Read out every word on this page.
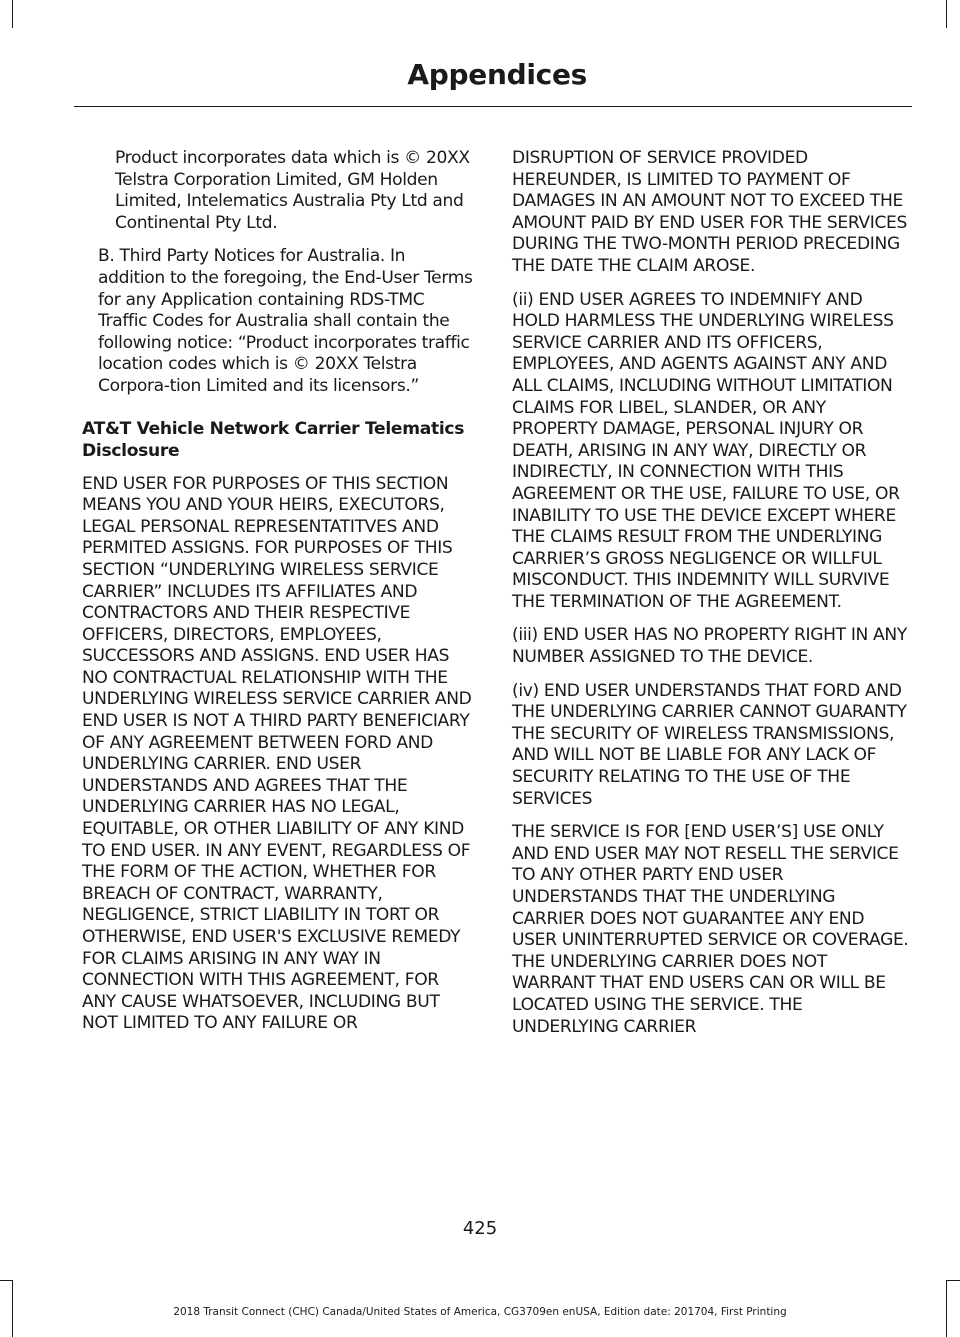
Appendices

Product incorporates data which is © 20XX Telstra Corporation Limited, GM Holden Limited, Intelematics Australia Pty Ltd and Continental Pty Ltd.

B. Third Party Notices for Australia. In addition to the foregoing, the End-User Terms for any Application containing RDS-TMC Traffic Codes for Australia shall contain the following notice: “Product incorporates traffic location codes which is © 20XX Telstra Corpora-tion Limited and its licensors.”

AT&T Vehicle Network Carrier Telematics Disclosure

END USER FOR PURPOSES OF THIS SECTION MEANS YOU AND YOUR HEIRS, EXECUTORS, LEGAL PERSONAL REPRESENTATITVES AND PERMITED ASSIGNS. FOR PURPOSES OF THIS SECTION “UNDERLYING WIRELESS SERVICE CARRIER” INCLUDES ITS AFFILIATES AND CONTRACTORS AND THEIR RESPECTIVE OFFICERS, DIRECTORS, EMPLOYEES, SUCCESSORS AND ASSIGNS. END USER HAS NO CONTRACTUAL RELATIONSHIP WITH THE UNDERLYING WIRELESS SERVICE CARRIER AND END USER IS NOT A THIRD PARTY BENEFICIARY OF ANY AGREEMENT BETWEEN FORD AND UNDERLYING CARRIER. END USER UNDERSTANDS AND AGREES THAT THE UNDERLYING CARRIER HAS NO LEGAL, EQUITABLE, OR OTHER LIABILITY OF ANY KIND TO END USER. IN ANY EVENT, REGARDLESS OF THE FORM OF THE ACTION, WHETHER FOR BREACH OF CONTRACT, WARRANTY, NEGLIGENCE, STRICT LIABILITY IN TORT OR OTHERWISE, END USER'S EXCLUSIVE REMEDY FOR CLAIMS ARISING IN ANY WAY IN CONNECTION WITH THIS AGREEMENT, FOR ANY CAUSE WHATSOEVER, INCLUDING BUT NOT LIMITED TO ANY FAILURE OR

DISRUPTION OF SERVICE PROVIDED HEREUNDER, IS LIMITED TO PAYMENT OF DAMAGES IN AN AMOUNT NOT TO EXCEED THE AMOUNT PAID BY END USER FOR THE SERVICES DURING THE TWO-MONTH PERIOD PRECEDING THE DATE THE CLAIM AROSE.

(ii) END USER AGREES TO INDEMNIFY AND HOLD HARMLESS THE UNDERLYING WIRELESS SERVICE CARRIER AND ITS OFFICERS, EMPLOYEES, AND AGENTS AGAINST ANY AND ALL CLAIMS, INCLUDING WITHOUT LIMITATION CLAIMS FOR LIBEL, SLANDER, OR ANY PROPERTY DAMAGE, PERSONAL INJURY OR DEATH, ARISING IN ANY WAY, DIRECTLY OR INDIRECTLY, IN CONNECTION WITH THIS AGREEMENT OR THE USE, FAILURE TO USE, OR INABILITY TO USE THE DEVICE EXCEPT WHERE THE CLAIMS RESULT FROM THE UNDERLYING CARRIER’S GROSS NEGLIGENCE OR WILLFUL MISCONDUCT. THIS INDEMNITY WILL SURVIVE THE TERMINATION OF THE AGREEMENT.

(iii) END USER HAS NO PROPERTY RIGHT IN ANY NUMBER ASSIGNED TO THE DEVICE.

(iv) END USER UNDERSTANDS THAT FORD AND THE UNDERLYING CARRIER CANNOT GUARANTY THE SECURITY OF WIRELESS TRANSMISSIONS, AND WILL NOT BE LIABLE FOR ANY LACK OF SECURITY RELATING TO THE USE OF THE SERVICES

THE SERVICE IS FOR [END USER’S] USE ONLY AND END USER MAY NOT RESELL THE SERVICE TO ANY OTHER PARTY END USER UNDERSTANDS THAT THE UNDERLYING CARRIER DOES NOT GUARANTEE ANY END USER UNINTERRUPTED SERVICE OR COVERAGE. THE UNDERLYING CARRIER DOES NOT WARRANT THAT END USERS CAN OR WILL BE LOCATED USING THE SERVICE. THE UNDERLYING CARRIER

425
2018 Transit Connect (CHC) Canada/United States of America, CG3709en enUSA, Edition date: 201704, First Printing
